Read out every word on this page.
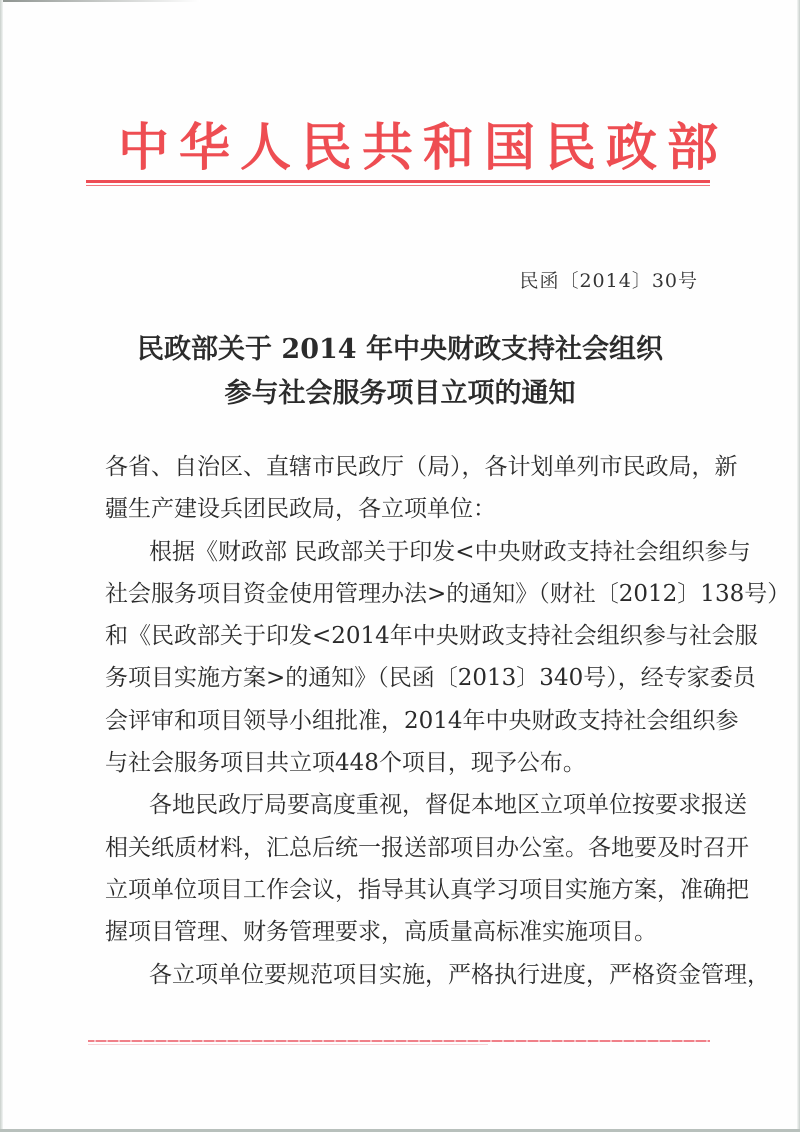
中华人民共和国民政部
民函〔2014〕30号
民政部关于 2014 年中央财政支持社会组织
参与社会服务项目立项的通知
各省、自治区、直辖市民政厅（局），各计划单列市民政局，新
疆生产建设兵团民政局，各立项单位：
根据《财政部 民政部关于印发<中央财政支持社会组织参与
社会服务项目资金使用管理办法>的通知》（财社〔2012〕138号）
和《民政部关于印发<2014年中央财政支持社会组织参与社会服
务项目实施方案>的通知》（民函〔2013〕340号），经专家委员
会评审和项目领导小组批准，2014年中央财政支持社会组织参
与社会服务项目共立项448个项目，现予公布。
各地民政厅局要高度重视，督促本地区立项单位按要求报送
相关纸质材料，汇总后统一报送部项目办公室。各地要及时召开
立项单位项目工作会议，指导其认真学习项目实施方案，准确把
握项目管理、财务管理要求，高质量高标准实施项目。
各立项单位要规范项目实施，严格执行进度，严格资金管理，
